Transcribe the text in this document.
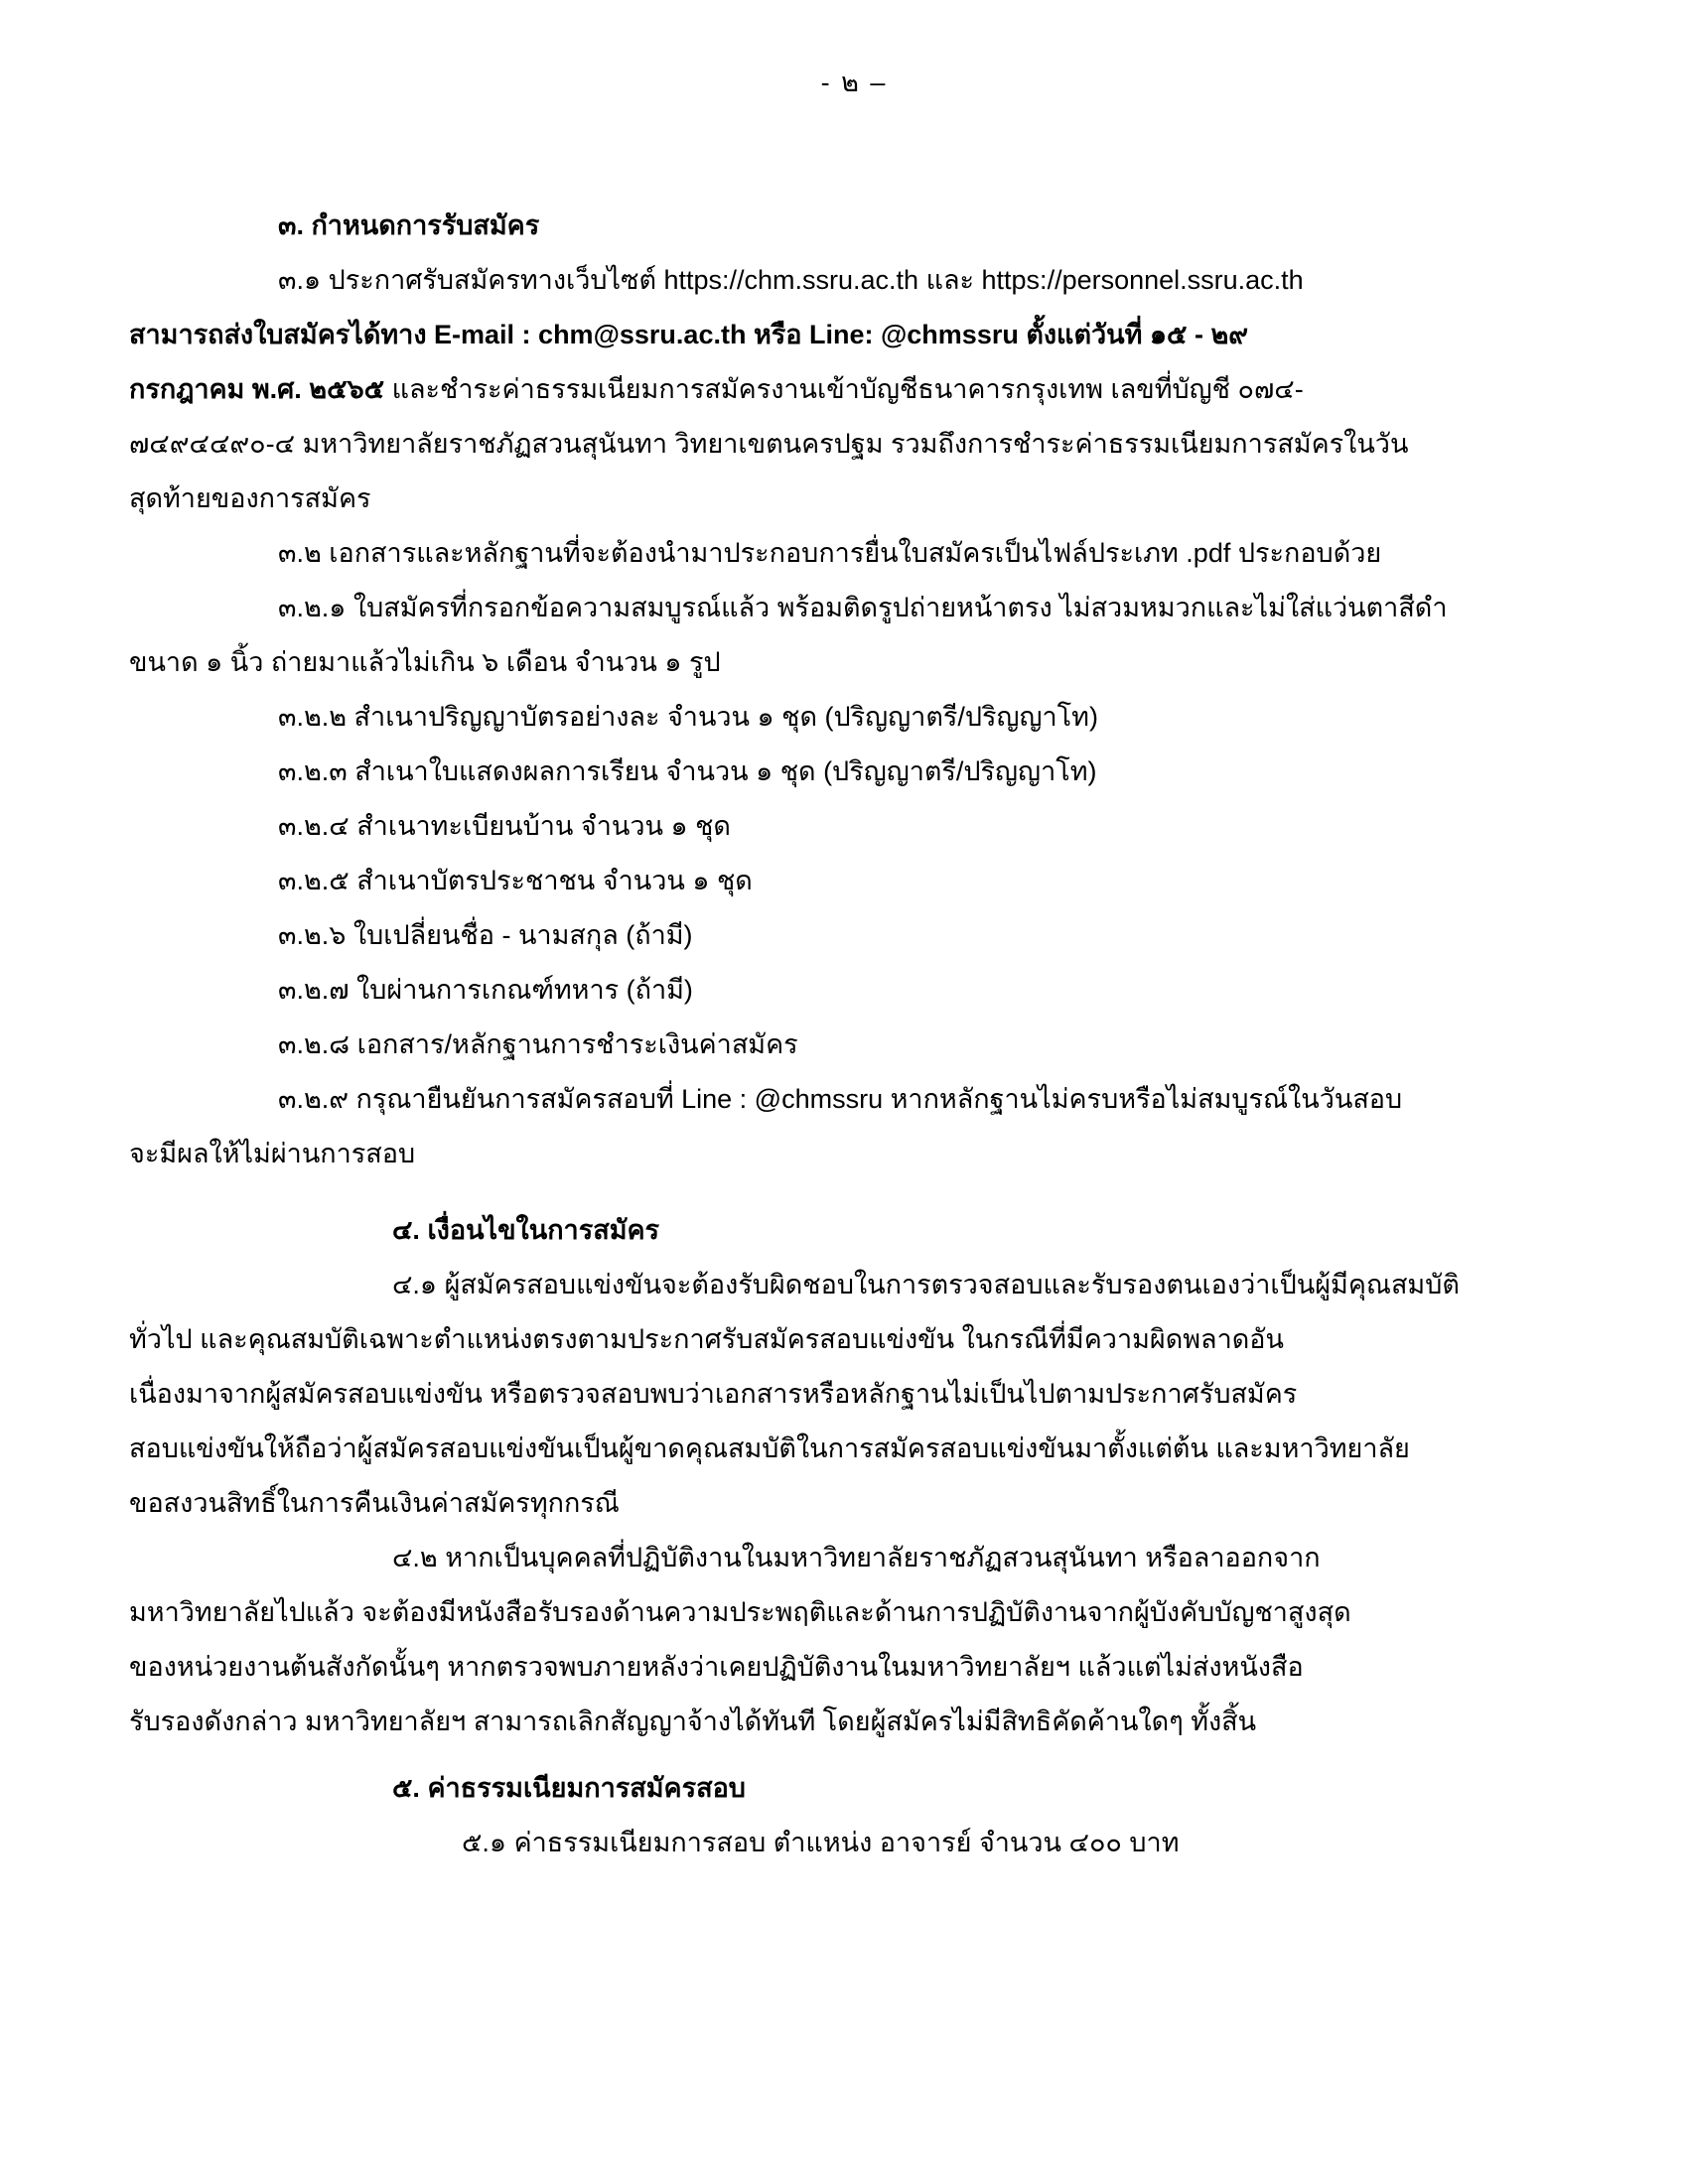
- ๒ –
๓. กำหนดการรับสมัคร
๓.๑ ประกาศรับสมัครทางเว็บไซต์ https://chm.ssru.ac.th และ https://personnel.ssru.ac.th
สามารถส่งใบสมัครได้ทาง E-mail : chm@ssru.ac.th หรือ Line: @chmssru ตั้งแต่วันที่ ๑๕ - ๒๙
กรกฎาคม พ.ศ. ๒๕๖๕ และชำระค่าธรรมเนียมการสมัครงานเข้าบัญชีธนาคารกรุงเทพ เลขที่บัญชี ๐๗๔-
๗๔๙๔๔๙๐-๔ มหาวิทยาลัยราชภัฏสวนสุนันทา วิทยาเขตนครปฐม รวมถึงการชำระค่าธรรมเนียมการสมัครในวัน
สุดท้ายของการสมัคร
๓.๒ เอกสารและหลักฐานที่จะต้องนำมาประกอบการยื่นใบสมัครเป็นไฟล์ประเภท .pdf ประกอบด้วย
๓.๒.๑ ใบสมัครที่กรอกข้อความสมบูรณ์แล้ว พร้อมติดรูปถ่ายหน้าตรง ไม่สวมหมวกและไม่ใส่แว่นตาสีดำ
ขนาด ๑ นิ้ว ถ่ายมาแล้วไม่เกิน ๖ เดือน จำนวน ๑ รูป
๓.๒.๒ สำเนาปริญญาบัตรอย่างละ จำนวน ๑ ชุด (ปริญญาตรี/ปริญญาโท)
๓.๒.๓ สำเนาใบแสดงผลการเรียน จำนวน ๑ ชุด (ปริญญาตรี/ปริญญาโท)
๓.๒.๔ สำเนาทะเบียนบ้าน จำนวน ๑ ชุด
๓.๒.๕ สำเนาบัตรประชาชน จำนวน ๑ ชุด
๓.๒.๖ ใบเปลี่ยนชื่อ - นามสกุล (ถ้ามี)
๓.๒.๗ ใบผ่านการเกณฑ์ทหาร (ถ้ามี)
๓.๒.๘ เอกสาร/หลักฐานการชำระเงินค่าสมัคร
๓.๒.๙ กรุณายืนยันการสมัครสอบที่ Line : @chmssru หากหลักฐานไม่ครบหรือไม่สมบูรณ์ในวันสอบ
จะมีผลให้ไม่ผ่านการสอบ
๔. เงื่อนไขในการสมัคร
๔.๑ ผู้สมัครสอบแข่งขันจะต้องรับผิดชอบในการตรวจสอบและรับรองตนเองว่าเป็นผู้มีคุณสมบัติ
ทั่วไป และคุณสมบัติเฉพาะตำแหน่งตรงตามประกาศรับสมัครสอบแข่งขัน ในกรณีที่มีความผิดพลาดอัน
เนื่องมาจากผู้สมัครสอบแข่งขัน หรือตรวจสอบพบว่าเอกสารหรือหลักฐานไม่เป็นไปตามประกาศรับสมัคร
สอบแข่งขันให้ถือว่าผู้สมัครสอบแข่งขันเป็นผู้ขาดคุณสมบัติในการสมัครสอบแข่งขันมาตั้งแต่ต้น และมหาวิทยาลัย
ขอสงวนสิทธิ์ในการคืนเงินค่าสมัครทุกกรณี
๔.๒ หากเป็นบุคคลที่ปฏิบัติงานในมหาวิทยาลัยราชภัฏสวนสุนันทา หรือลาออกจาก
มหาวิทยาลัยไปแล้ว จะต้องมีหนังสือรับรองด้านความประพฤติและด้านการปฏิบัติงานจากผู้บังคับบัญชาสูงสุด
ของหน่วยงานต้นสังกัดนั้นๆ หากตรวจพบภายหลังว่าเคยปฏิบัติงานในมหาวิทยาลัยฯ แล้วแต่ไม่ส่งหนังสือ
รับรองดังกล่าว มหาวิทยาลัยฯ สามารถเลิกสัญญาจ้างได้ทันที โดยผู้สมัครไม่มีสิทธิคัดค้านใดๆ ทั้งสิ้น
๕. ค่าธรรมเนียมการสมัครสอบ
๕.๑ ค่าธรรมเนียมการสอบ ตำแหน่ง อาจารย์ จำนวน ๔๐๐ บาท
